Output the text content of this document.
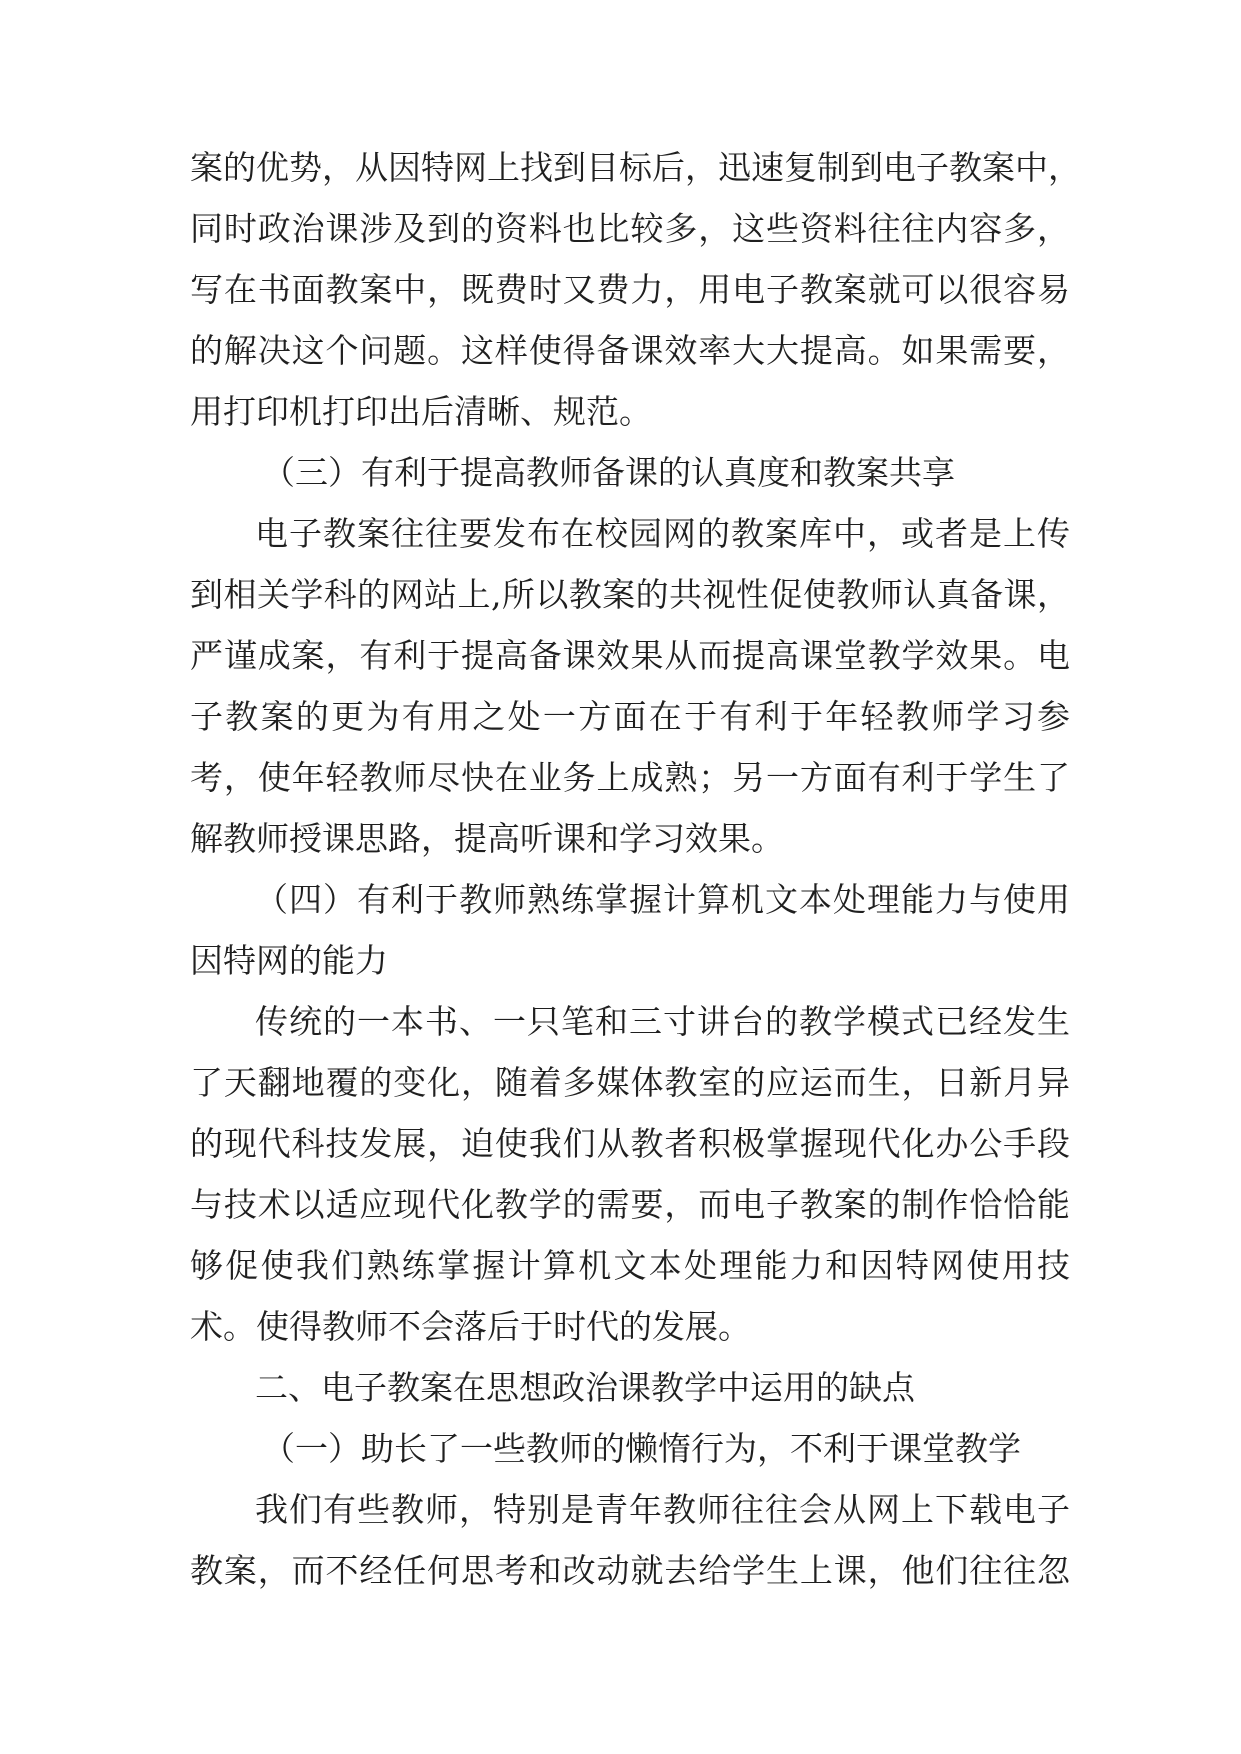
案的优势，从因特网上找到目标后，迅速复制到电子教案中，
同时政治课涉及到的资料也比较多，这些资料往往内容多，
写在书面教案中，既费时又费力，用电子教案就可以很容易
的解决这个问题。这样使得备课效率大大提高。如果需要，
用打印机打印出后清晰、规范。
（三）有利于提高教师备课的认真度和教案共享
电子教案往往要发布在校园网的教案库中，或者是上传
到相关学科的网站上,所以教案的共视性促使教师认真备课，
严谨成案，有利于提高备课效果从而提高课堂教学效果。电
子教案的更为有用之处一方面在于有利于年轻教师学习参
考，使年轻教师尽快在业务上成熟；另一方面有利于学生了
解教师授课思路，提高听课和学习效果。
（四）有利于教师熟练掌握计算机文本处理能力与使用
因特网的能力
传统的一本书、一只笔和三寸讲台的教学模式已经发生
了天翻地覆的变化，随着多媒体教室的应运而生，日新月异
的现代科技发展，迫使我们从教者积极掌握现代化办公手段
与技术以适应现代化教学的需要，而电子教案的制作恰恰能
够促使我们熟练掌握计算机文本处理能力和因特网使用技
术。使得教师不会落后于时代的发展。
二、电子教案在思想政治课教学中运用的缺点
（一）助长了一些教师的懒惰行为，不利于课堂教学
我们有些教师，特别是青年教师往往会从网上下载电子
教案，而不经任何思考和改动就去给学生上课，他们往往忽
